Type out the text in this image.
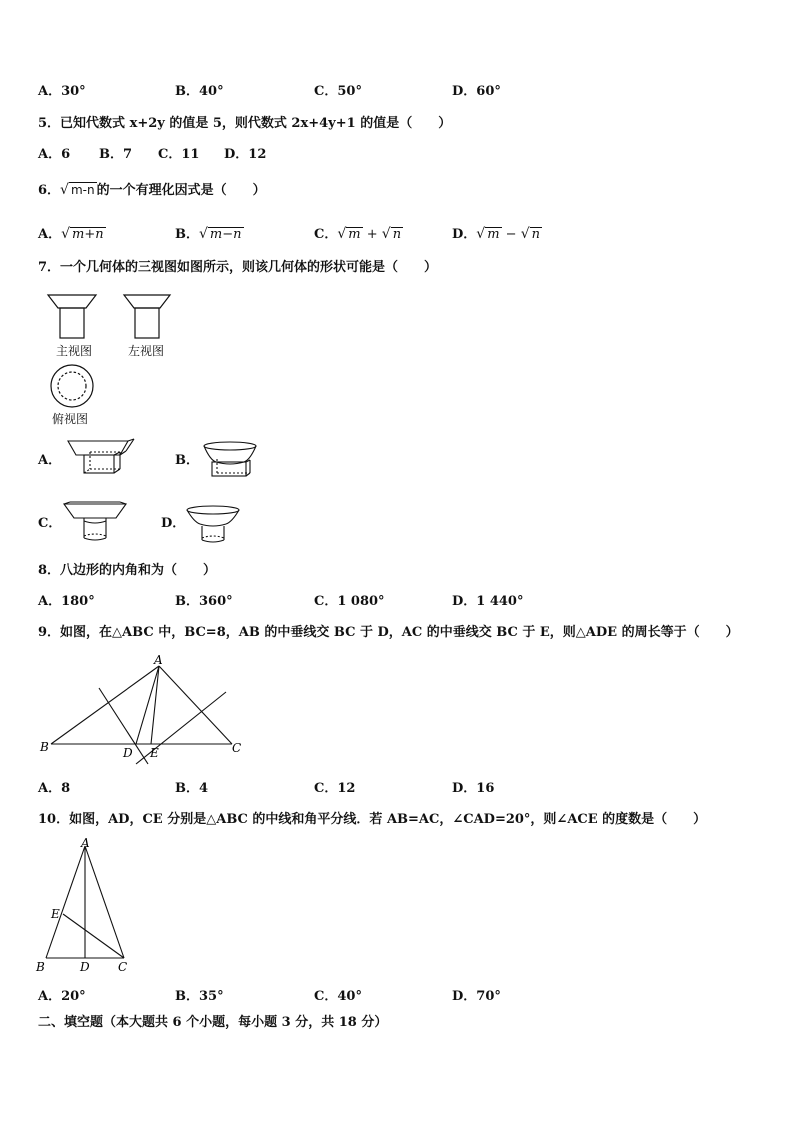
A．30°	B．40°	C．50°	D．60°
5．已知代数式 x+2y 的值是 5，则代数式 2x+4y+1 的值是（　　）
A．6 B．7 C．11 D．12
6．√ m-n 的一个有理化因式是（　　）
A．√ m+n	B．√ m−n	C．√ m + √ n	D．√ m − √ n
7．一个几何体的三视图如图所示，则该几何体的形状可能是（　　）
主视图	左视图
俯视图
A．	B．
C．	D．
8．八边形的内角和为（　　）
A．180°	B．360°	C．1 080°	D．1 440°
9．如图，在△ABC 中，BC=8，AB 的中垂线交 BC 于 D，AC 的中垂线交 BC 于 E，则△ADE 的周长等于（　　）
A
B	C
D E
A．8	B．4	C．12	D．16
10．如图，AD，CE 分别是△ABC 的中线和角平分线．若 AB=AC，∠CAD=20°，则∠ACE 的度数是（　　）
A
E
B	D C
A．20°	B．35°	C．40°	D．70°
二、填空题（本大题共 6 个小题，每小题 3 分，共 18 分）
